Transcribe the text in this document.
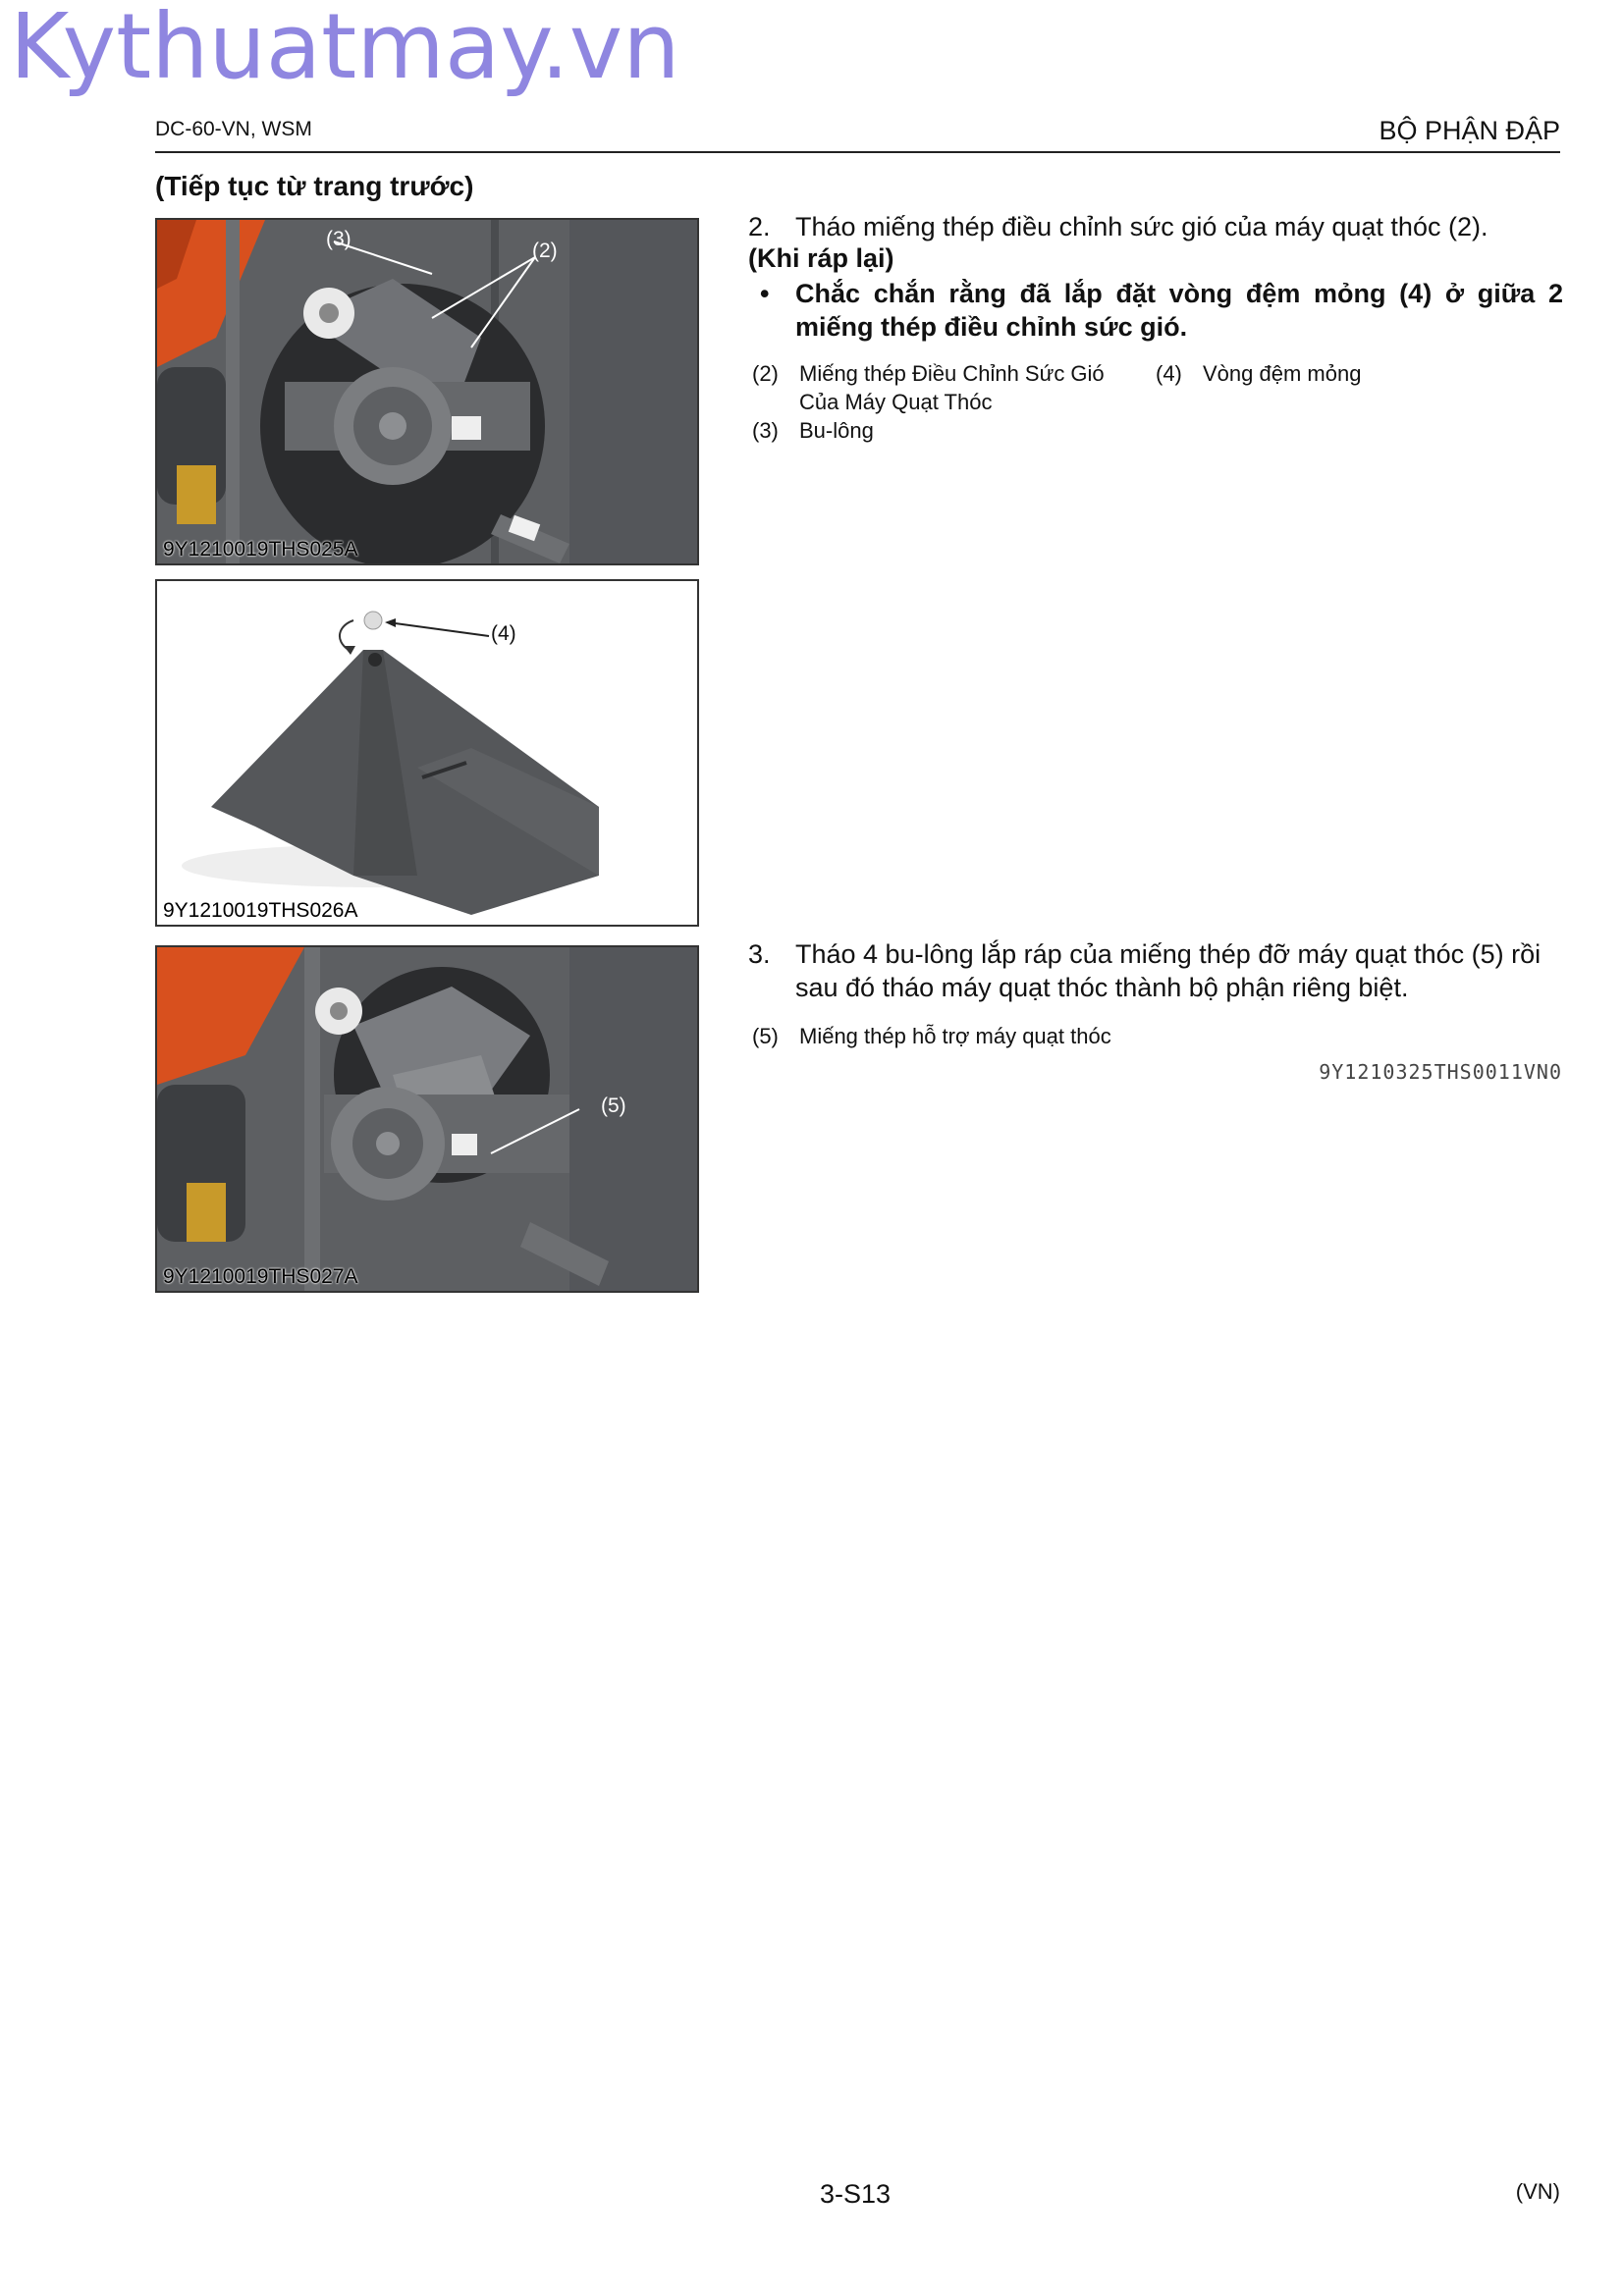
Kythuatmay.vn
DC-60-VN, WSM	BỘ PHẬN ĐẬP
(Tiếp tục từ trang trước)
(3)
(2)
9Y1210019THS025A
(4)
9Y1210019THS026A
(5)
9Y1210019THS027A
2. Tháo miếng thép điều chỉnh sức gió của máy quạt thóc (2).
(Khi ráp lại)
• Chắc chắn rằng đã lắp đặt vòng đệm mỏng (4) ở giữa 2 miếng thép điều chỉnh sức gió.
(2) Miếng thép Điều Chỉnh Sức Gió Của Máy Quạt Thóc
(4) Vòng đệm mỏng
(3) Bu-lông
3. Tháo 4 bu-lông lắp ráp của miếng thép đỡ máy quạt thóc (5) rồi sau đó tháo máy quạt thóc thành bộ phận riêng biệt.
(5) Miếng thép hỗ trợ máy quạt thóc
9Y1210325THS0011VN0
3-S13	(VN)
